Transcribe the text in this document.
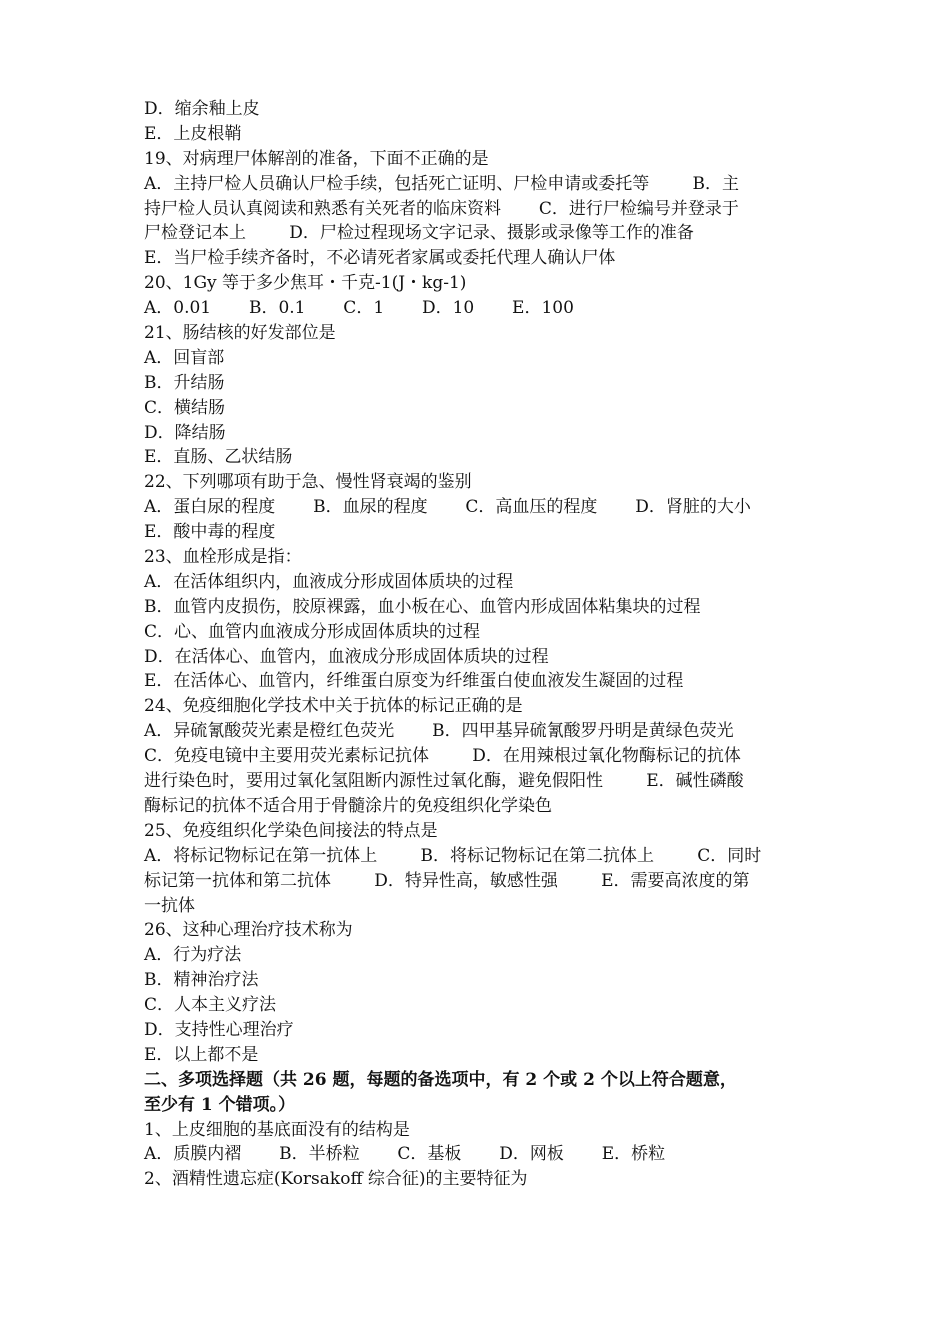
D．缩余釉上皮
E．上皮根鞘
19、对病理尸体解剖的准备，下面不正确的是
A．主持尸检人员确认尸检手续，包括死亡证明、尸检申请或委托等        B．主
持尸检人员认真阅读和熟悉有关死者的临床资料       C．进行尸检编号并登录于
尸检登记本上        D．尸检过程现场文字记录、摄影或录像等工作的准备
E．当尸检手续齐备时，不必请死者家属或委托代理人确认尸体
20、1Gy 等于多少焦耳・千克-1(J・kg-1)
A．0.01       B．0.1       C．1       D．10       E．100
21、肠结核的好发部位是
A．回盲部
B．升结肠
C．横结肠
D．降结肠
E．直肠、乙状结肠
22、下列哪项有助于急、慢性肾衰竭的鉴别
A．蛋白尿的程度       B．血尿的程度       C．高血压的程度       D．肾脏的大小
E．酸中毒的程度
23、血栓形成是指：
A．在活体组织内，血液成分形成固体质块的过程
B．血管内皮损伤，胶原裸露，血小板在心、血管内形成固体粘集块的过程
C．心、血管内血液成分形成固体质块的过程
D．在活体心、血管内，血液成分形成固体质块的过程
E．在活体心、血管内，纤维蛋白原变为纤维蛋白使血液发生凝固的过程
24、免疫细胞化学技术中关于抗体的标记正确的是
A．异硫氰酸荧光素是橙红色荧光       B．四甲基异硫氰酸罗丹明是黄绿色荧光
C．免疫电镜中主要用荧光素标记抗体        D．在用辣根过氧化物酶标记的抗体
进行染色时，要用过氧化氢阻断内源性过氧化酶，避免假阳性        E．碱性磷酸
酶标记的抗体不适合用于骨髓涂片的免疫组织化学染色
25、免疫组织化学染色间接法的特点是
A．将标记物标记在第一抗体上        B．将标记物标记在第二抗体上        C．同时
标记第一抗体和第二抗体        D．特异性高，敏感性强        E．需要高浓度的第
一抗体
26、这种心理治疗技术称为
A．行为疗法
B．精神治疗法
C．人本主义疗法
D．支持性心理治疗
E．以上都不是
二、多项选择题（共 26 题，每题的备选项中，有 2 个或 2 个以上符合题意，
至少有 1 个错项。）
1、上皮细胞的基底面没有的结构是
A．质膜内褶       B．半桥粒       C．基板       D．网板       E．桥粒
2、酒精性遗忘症(Korsakoff 综合征)的主要特征为
